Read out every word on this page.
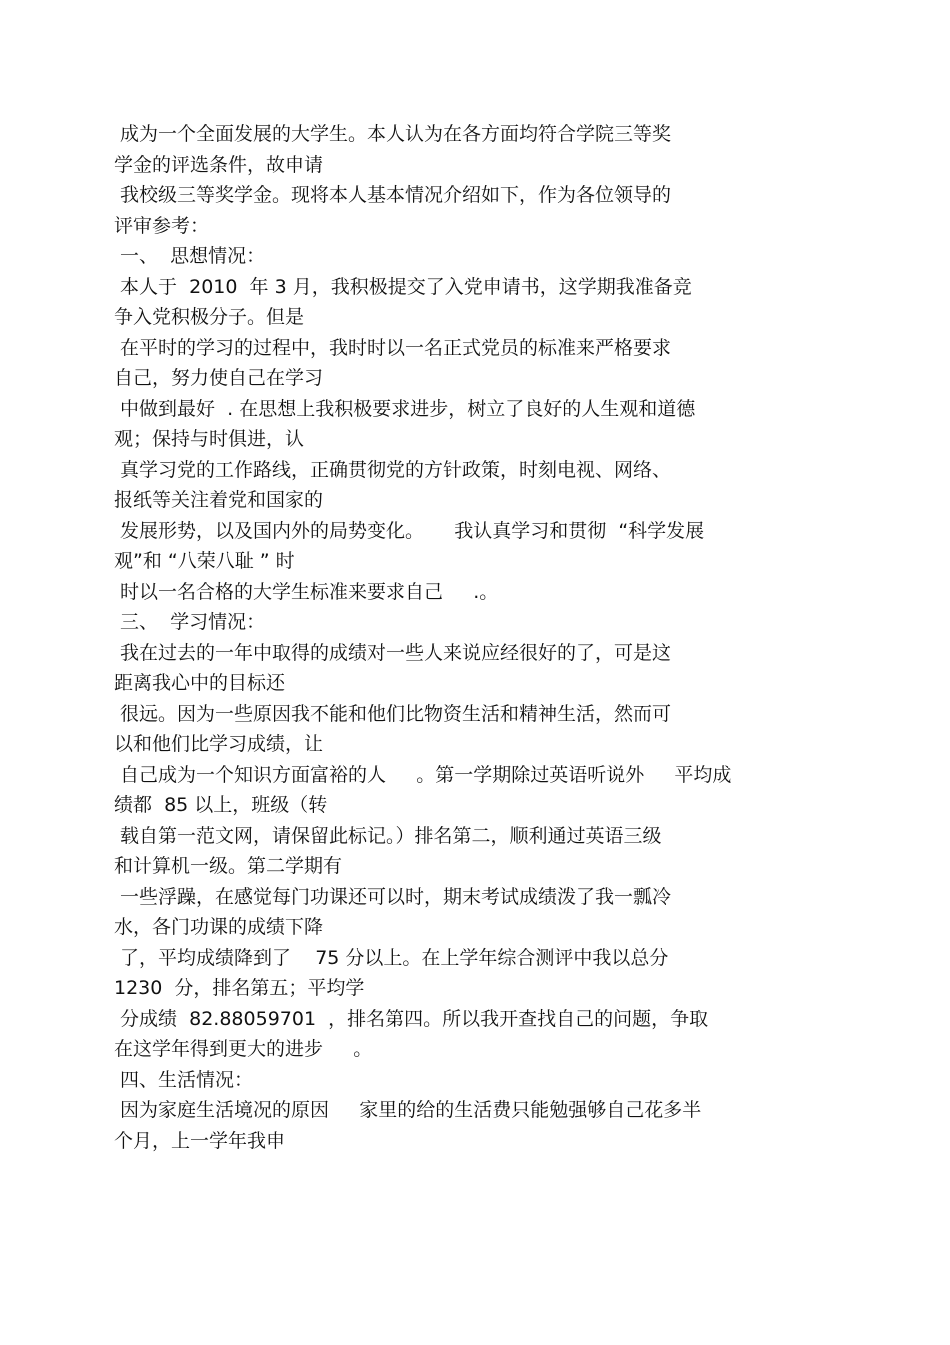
成为一个全面发展的大学生。本人认为在各方面均符合学院三等奖
学金的评选条件，故申请
我校级三等奖学金。现将本人基本情况介绍如下，作为各位领导的
评审参考：
一、  思想情况：
本人于  2010  年 3 月，我积极提交了入党申请书，这学期我准备竞
争入党积极分子。但是
在平时的学习的过程中，我时时以一名正式党员的标准来严格要求
自己，努力使自己在学习
中做到最好  . 在思想上我积极要求进步，树立了良好的人生观和道德
观；保持与时俱进，认
真学习党的工作路线，正确贯彻党的方针政策，时刻电视、网络、
报纸等关注着党和国家的
发展形势，以及国内外的局势变化。     我认真学习和贯彻  “科学发展
观”和 “八荣八耻 ” 时
时以一名合格的大学生标准来要求自己     .。
三、  学习情况：
我在过去的一年中取得的成绩对一些人来说应经很好的了，可是这
距离我心中的目标还
很远。因为一些原因我不能和他们比物资生活和精神生活，然而可
以和他们比学习成绩，让
自己成为一个知识方面富裕的人     。第一学期除过英语听说外     平均成
绩都  85 以上，班级（转
载自第一范文网，请保留此标记。）排名第二，顺利通过英语三级
和计算机一级。第二学期有
一些浮躁，在感觉每门功课还可以时，期末考试成绩泼了我一瓢冷
水，各门功课的成绩下降
了，平均成绩降到了    75 分以上。在上学年综合测评中我以总分
1230  分，排名第五；平均学
分成绩  82.88059701  ，排名第四。所以我开查找自己的问题，争取
在这学年得到更大的进步     。
四、生活情况：
因为家庭生活境况的原因     家里的给的生活费只能勉强够自己花多半
个月，上一学年我申
